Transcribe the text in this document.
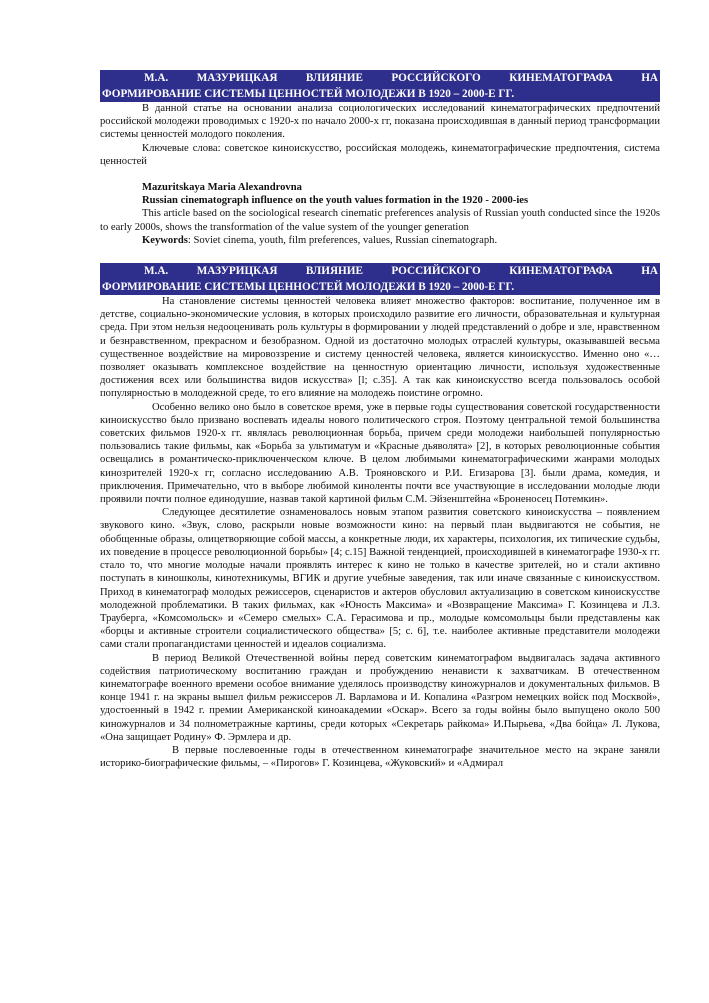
М.А. МАЗУРИЦКАЯ ВЛИЯНИЕ РОССИЙСКОГО КИНЕМАТОГРАФА НА
ФОРМИРОВАНИЕ СИСТЕМЫ ЦЕННОСТЕЙ МОЛОДЕЖИ В 1920 – 2000-Е ГГ.

В данной статье на основании анализа социологических исследований кинематографических предпочтений российской молодежи проводимых с 1920-х по начало 2000-х гг, показана происходившая в данный период трансформации системы ценностей молодого поколения.

Ключевые слова: советское киноискусство, российская молодежь, кинематографические предпочтения, система ценностей

Mazuritskaya Maria Alexandrovna

Russian cinematograph influence on the youth values formation in the 1920 - 2000-ies

This article based on the sociological research cinematic preferences analysis of Russian youth conducted since the 1920s to early 2000s, shows the transformation of the value system of the younger generation

Keywords: Soviet cinema, youth, film preferences, values, Russian cinematograph.

М.А. МАЗУРИЦКАЯ ВЛИЯНИЕ РОССИЙСКОГО КИНЕМАТОГРАФА НА
ФОРМИРОВАНИЕ СИСТЕМЫ ЦЕННОСТЕЙ МОЛОДЕЖИ В 1920 – 2000-Е ГГ.

На становление системы ценностей человека влияет множество факторов: воспитание, полученное им в детстве, социально-экономические условия, в которых происходило развитие его личности, образовательная и культурная среда. При этом нельзя недооценивать роль культуры в формировании у людей представлений о добре и зле, нравственном и безнравственном, прекрасном и безобразном. Одной из достаточно молодых отраслей культуры, оказывавшей весьма существенное воздействие на мировоззрение и систему ценностей человека, является киноискусство. Именно оно «…позволяет оказывать комплексное воздействие на ценностную ориентацию личности, используя художественные достижения всех или большинства видов искусства» [l; с.35]. А так как киноискусство всегда пользовалось особой популярностью в молодежной среде, то его влияние на молодежь поистине огромно.

Особенно велико оно было в советское время, уже в первые годы существования советской государственности киноискусство было призвано воспевать идеалы нового политического строя. Поэтому центральной темой большинства советских фильмов 1920-х гг. являлась революционная борьба, причем среди молодежи наибольшей популярностью пользовались такие фильмы, как «Борьба за ультиматум и «Красные дьяволята» [2], в которых революционные события освещались в романтическо-приключенческом ключе. В целом любимыми кинематографическими жанрами молодых кинозрителей 1920-х гг, согласно исследованию А.В. Трояновского и Р.И. Егизарова [3]. были драма, комедия, и приключения. Примечательно, что в выборе любимой киноленты почти все участвующие в исследовании молодые люди проявили почти полное единодушие, назвав такой картиной фильм С.М. Эйзенштейна «Броненосец Потемкин».

Следующее десятилетие ознаменовалось новым этапом развития советского киноискусства – появлением звукового кино. «Звук, слово, раскрыли новые возможности кино: на первый план выдвигаются не события, не обобщенные образы, олицетворяющие собой массы, а конкретные люди, их характеры, психология, их типические судьбы, их поведение в процессе революционной борьбы» [4; с.15] Важной тенденцией, происходившей в кинематографе 1930-х гг. стало то, что многие молодые начали проявлять интерес к кино не только в качестве зрителей, но и стали активно поступать в киношколы, кинотехникумы, ВГИК и другие учебные заведения, так или иначе связанные с киноискусством. Приход в кинематограф молодых режиссеров, сценаристов и актеров обусловил актуализацию в советском киноискусстве молодежной проблематики. В таких фильмах, как «Юность Максима» и «Возвращение Максима» Г. Козинцева и Л.З. Трауберга, «Комсомольск» и «Семеро смелых» С.А. Герасимова и пр., молодые комсомольцы были представлены как «борцы и активные строители социалистического общества» [5; с. 6], т.е. наиболее активные представители молодежи сами стали пропагандистами ценностей и идеалов социализма.

В период Великой Отечественной войны перед советским кинематографом выдвигалась задача активного содействия патриотическому воспитанию граждан и пробуждению ненависти к захватчикам. В отечественном кинематографе военного времени особое внимание уделялось производству киножурналов и документальных фильмов. В конце 1941 г. на экраны вышел фильм режиссеров Л. Варламова и И. Копалина «Разгром немецких войск под Москвой», удостоенный в 1942 г. премии Американской киноакадемии «Оскар». Всего за годы войны было выпущено около 500 киножурналов и 34 полнометражные картины, среди которых «Секретарь райкома» И.Пырьева, «Два бойца» Л. Лукова, «Она защищает Родину» Ф. Эрмлера и др.

В первые послевоенные годы в отечественном кинематографе значительное место на экране заняли историко-биографические фильмы, – «Пирогов» Г. Козинцева, «Жуковский» и «Адмирал
